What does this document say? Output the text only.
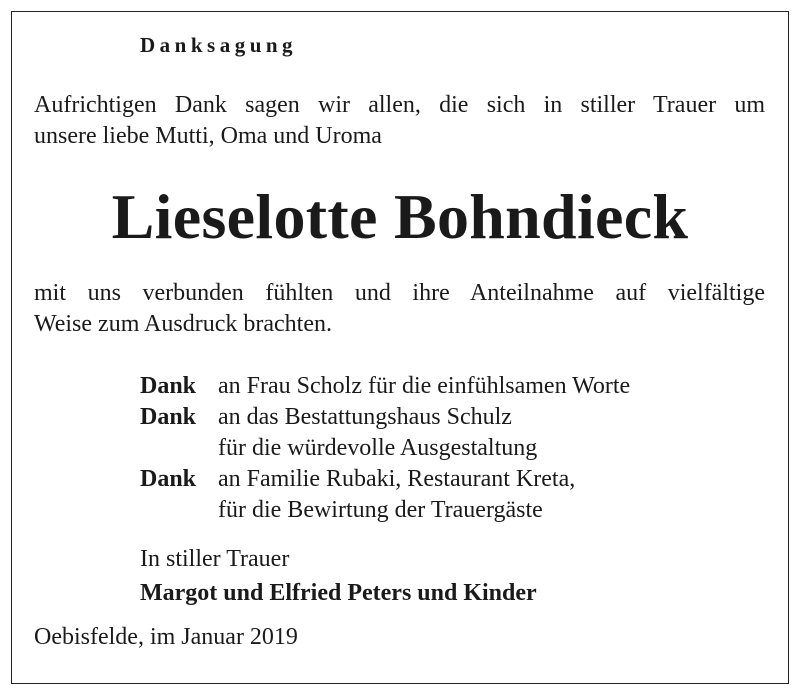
Danksagung
Aufrichtigen Dank sagen wir allen, die sich in stiller Trauer um
unsere liebe Mutti, Oma und Uroma
Lieselotte Bohndieck
mit uns verbunden fühlten und ihre Anteilnahme auf vielfältige
Weise zum Ausdruck brachten.
Dank an Frau Scholz für die einfühlsamen Worte
Dank an das Bestattungshaus Schulz
für die würdevolle Ausgestaltung
Dank an Familie Rubaki, Restaurant Kreta,
für die Bewirtung der Trauergäste
In stiller Trauer
Margot und Elfried Peters und Kinder
Oebisfelde, im Januar 2019
